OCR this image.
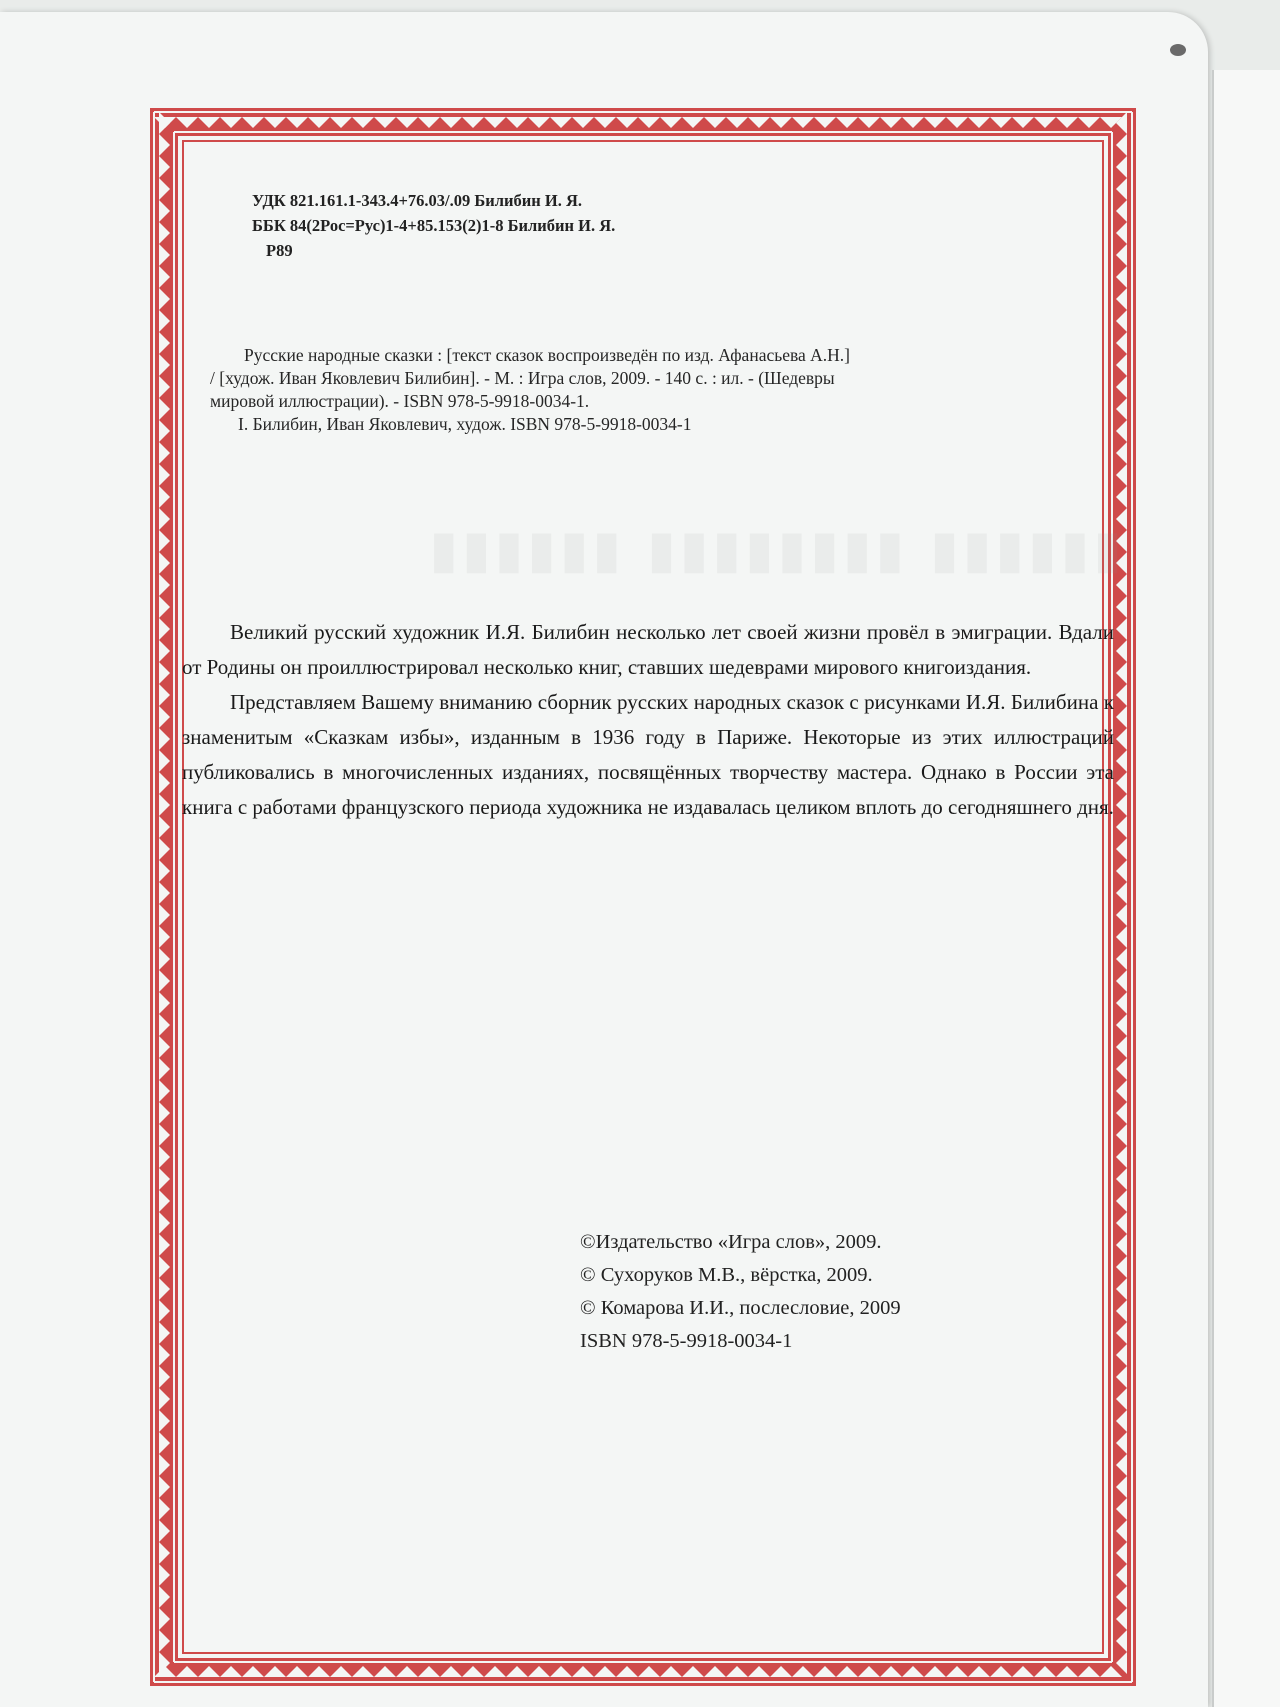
УДК 821.161.1-343.4+76.03/.09 Билибин И. Я.
ББК 84(2Рос=Рус)1-4+85.153(2)1-8 Билибин И. Я.
Р89
Русские народные сказки : [текст сказок воспроизведён по изд. Афанасьева А.Н.]
/ [худож. Иван Яковлевич Билибин]. - М. : Игра слов, 2009. - 140 с. : ил. - (Шедевры
мировой иллюстрации). - ISBN 978-5-9918-0034-1.
I. Билибин, Иван Яковлевич, худож. ISBN 978-5-9918-0034-1
▮▮▮▮▮▮ ▮▮▮▮▮▮▮▮ ▮▮▮▮▮▮

Великий русский художник И.Я. Билибин несколько лет своей жизни провёл в эмиграции. Вдали от Родины он проиллюстрировал несколько книг, ставших шедеврами мирового книгоиздания.

Представляем Вашему вниманию сборник русских народных сказок с рисунками И.Я. Билибина к знаменитым «Сказкам избы», изданным в 1936 году в Париже. Некоторые из этих иллюстраций публиковались в многочисленных изданиях, посвящённых творчеству мастера. Однако в России эта книга с работами французского периода художника не издавалась целиком вплоть до сегодняшнего дня.

©Издательство «Игра слов», 2009.
© Сухоруков М.В., вёрстка, 2009.
© Комарова И.И., послесловие, 2009
ISBN 978-5-9918-0034-1
